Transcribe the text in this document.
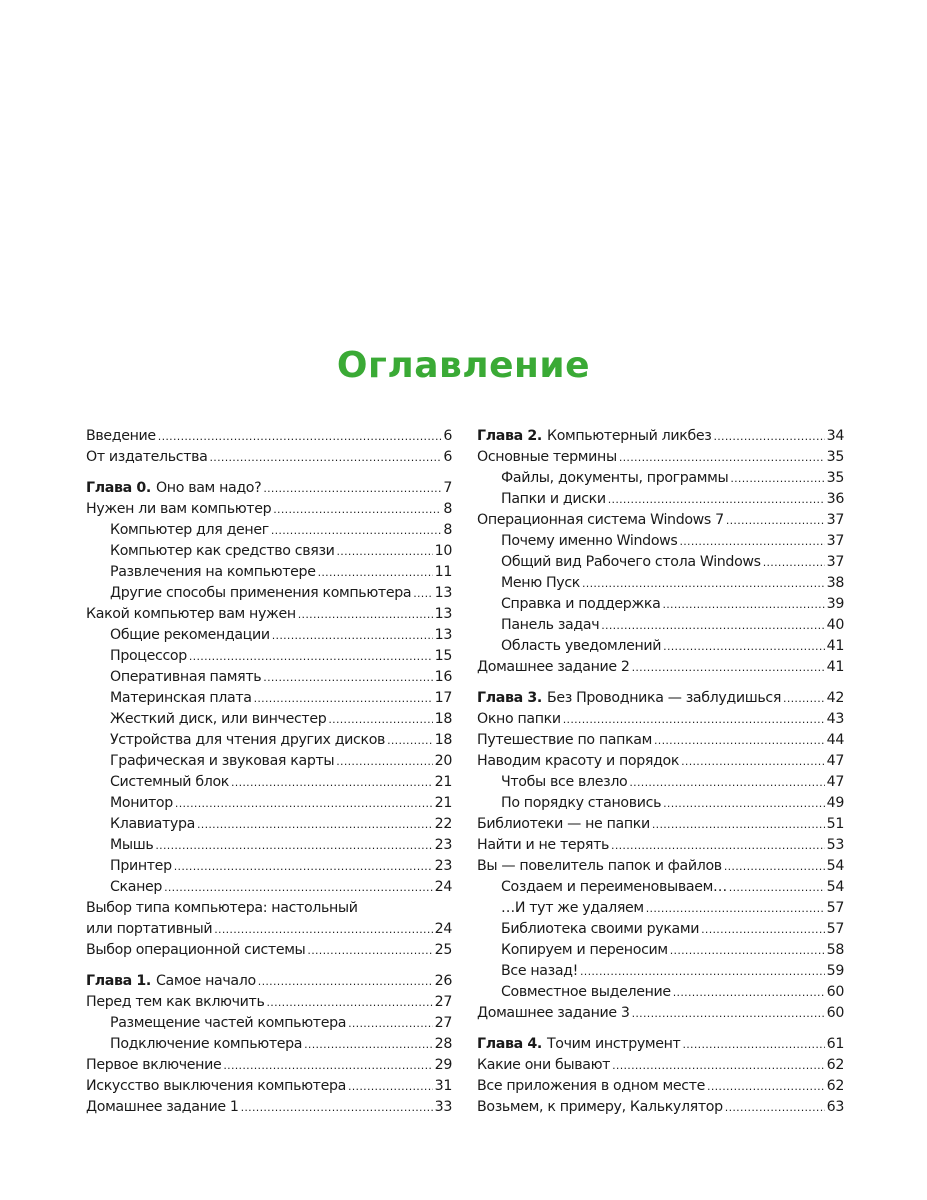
Оглавление
Введение .....	6
От издательства .....	6
Глава 0. Оно вам надо? .....	7
Нужен ли вам компьютер .....	8
Компьютер для денег .....	8
Компьютер как средство связи .....	10
Развлечения на компьютере .....	11
Другие способы применения компьютера ..... 13
Какой компьютер вам нужен .....	13
Общие рекомендации .....	13
Процессор .....	15
Оперативная память .....	16
Материнская плата .....	17
Жесткий диск, или винчестер .....	18
Устройства для чтения других дисков .....	18
Графическая и звуковая карты .....	20
Системный блок .....	21
Монитор .....	21
Клавиатура .....	22
Мышь .....	23
Принтер .....	23
Сканер .....	24
Выбор типа компьютера: настольный
или портативный .....	24
Выбор операционной системы .....	25
Глава 1. Самое начало .....	26
Перед тем как включить .....	27
Размещение частей компьютера .....	27
Подключение компьютера .....	28
Первое включение .....	29
Искусство выключения компьютера .....	31
Домашнее задание 1 .....	33
Глава 2. Компьютерный ликбез .....	34
Основные термины .....	35
Файлы, документы, программы .....	35
Папки и диски .....	36
Операционная система Windows 7 .....	37
Почему именно Windows .....	37
Общий вид Рабочего стола Windows .....	37
Меню Пуск .....	38
Справка и поддержка .....	39
Панель задач .....	40
Область уведомлений .....	41
Домашнее задание 2 .....	41
Глава 3. Без Проводника — заблудишься .....	42
Окно папки .....	43
Путешествие по папкам .....	44
Наводим красоту и порядок .....	47
Чтобы все влезло .....	47
По порядку становись .....	49
Библиотеки — не папки .....	51
Найти и не терять .....	53
Вы — повелитель папок и файлов .....	54
Создаем и переименовываем… .....	54
…И тут же удаляем .....	57
Библиотека своими руками .....	57
Копируем и переносим .....	58
Все назад! .....	59
Совместное выделение .....	60
Домашнее задание 3 .....	60
Глава 4. Точим инструмент .....	61
Какие они бывают .....	62
Все приложения в одном месте .....	62
Возьмем, к примеру, Калькулятор .....	63
